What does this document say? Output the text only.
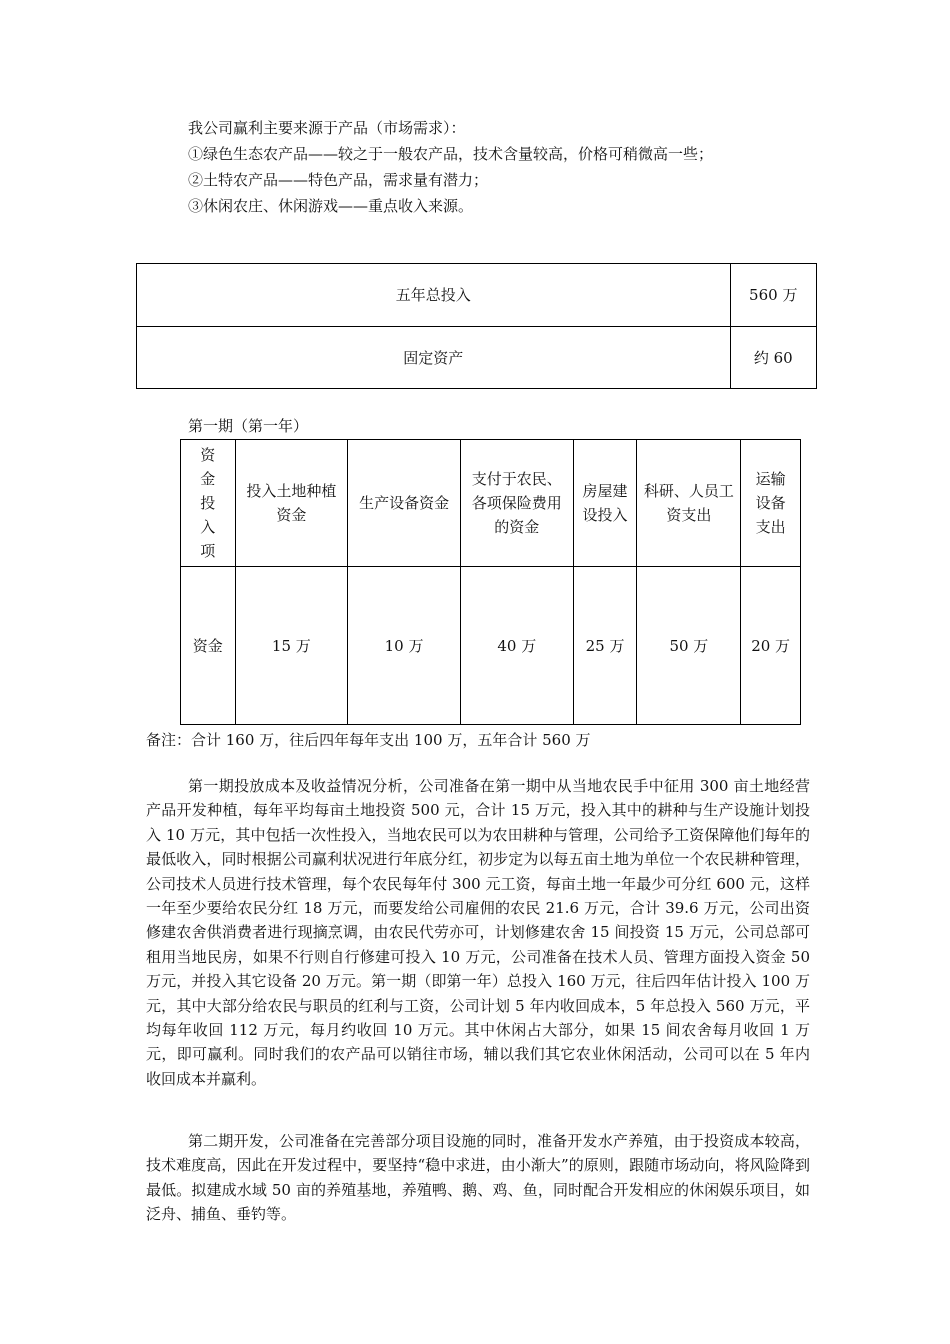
我公司赢利主要来源于产品（市场需求）：
①绿色生态农产品——较之于一般农产品，技术含量较高，价格可稍微高一些；
②土特农产品——特色产品，需求量有潜力；
③休闲农庄、休闲游戏——重点收入来源。
五年总投入	560 万
固定资产	约 60
第一期（第一年）
资金投入项	投入土地种植资金	生产设备资金	支付于农民、各项保险费用的资金	房屋建设投入	科研、人员工资支出	运输设备支出

资金	15 万	10 万	40 万	25 万	50 万	20 万
备注：合计 160 万，往后四年每年支出 100 万，五年合计 560 万
第一期投放成本及收益情况分析，公司准备在第一期中从当地农民手中征用 300 亩土地经营产品开发种植，每年平均每亩土地投资 500 元，合计 15 万元，投入其中的耕种与生产设施计划投入 10 万元，其中包括一次性投入，当地农民可以为农田耕种与管理，公司给予工资保障他们每年的最低收入，同时根据公司赢利状况进行年底分红，初步定为以每五亩土地为单位一个农民耕种管理，公司技术人员进行技术管理，每个农民每年付 300 元工资，每亩土地一年最少可分红 600 元，这样一年至少要给农民分红 18 万元，而要发给公司雇佣的农民 21.6 万元，合计 39.6 万元，公司出资修建农舍供消费者进行现摘烹调，由农民代劳亦可，计划修建农舍 15 间投资 15 万元，公司总部可租用当地民房，如果不行则自行修建可投入 10 万元，公司准备在技术人员、管理方面投入资金 50 万元，并投入其它设备 20 万元。第一期（即第一年）总投入 160 万元，往后四年估计投入 100 万元，其中大部分给农民与职员的红利与工资，公司计划 5 年内收回成本，5 年总投入 560 万元，平均每年收回 112 万元，每月约收回 10 万元。其中休闲占大部分，如果 15 间农舍每月收回 1 万元，即可赢利。同时我们的农产品可以销往市场，辅以我们其它农业休闲活动，公司可以在 5 年内收回成本并赢利。
第二期开发，公司准备在完善部分项目设施的同时，准备开发水产养殖，由于投资成本较高，技术难度高，因此在开发过程中，要坚持“稳中求进，由小渐大”的原则，跟随市场动向，将风险降到最低。拟建成水域 50 亩的养殖基地，养殖鸭、鹅、鸡、鱼，同时配合开发相应的休闲娱乐项目，如泛舟、捕鱼、垂钓等。
